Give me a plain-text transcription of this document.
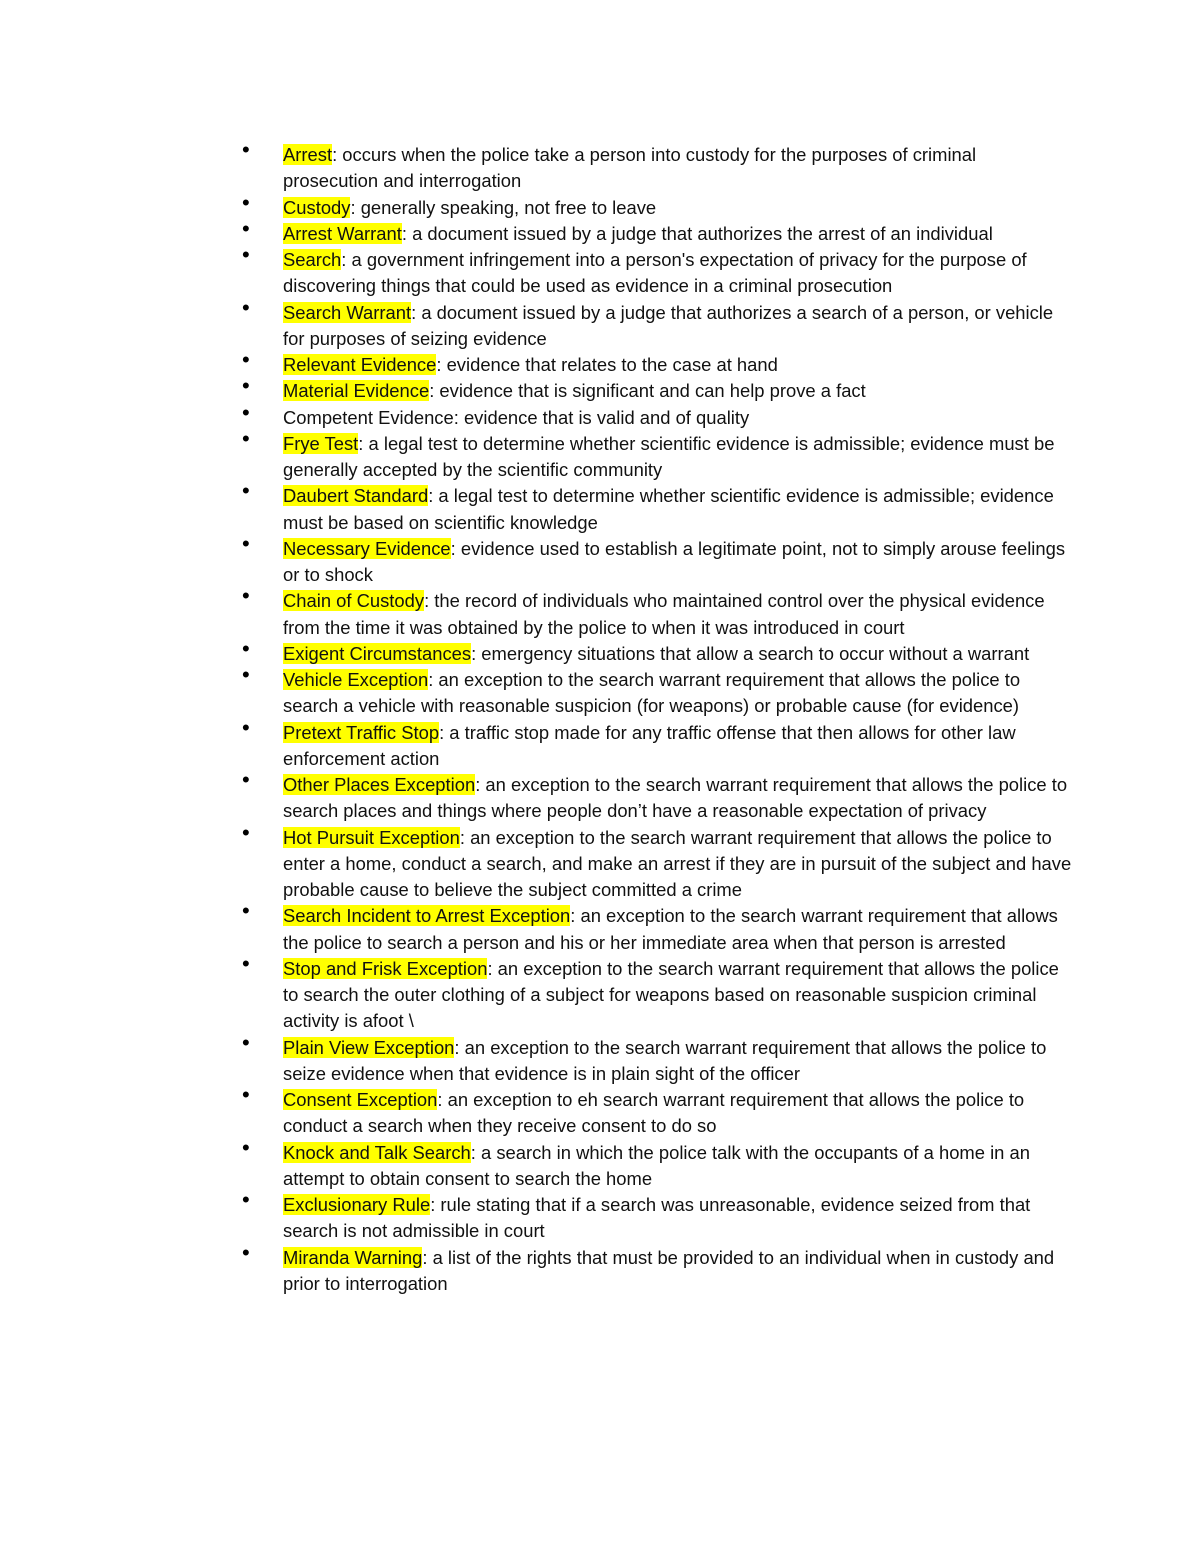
• Arrest: occurs when the police take a person into custody for the purposes of criminal prosecution and interrogation
• Custody: generally speaking, not free to leave
• Arrest Warrant: a document issued by a judge that authorizes the arrest of an individual
• Search: a government infringement into a person's expectation of privacy for the purpose of discovering things that could be used as evidence in a criminal prosecution
• Search Warrant: a document issued by a judge that authorizes a search of a person, or vehicle for purposes of seizing evidence
• Relevant Evidence: evidence that relates to the case at hand
• Material Evidence: evidence that is significant and can help prove a fact
• Competent Evidence: evidence that is valid and of quality
• Frye Test: a legal test to determine whether scientific evidence is admissible; evidence must be generally accepted by the scientific community
• Daubert Standard: a legal test to determine whether scientific evidence is admissible; evidence must be based on scientific knowledge
• Necessary Evidence: evidence used to establish a legitimate point, not to simply arouse feelings or to shock
• Chain of Custody: the record of individuals who maintained control over the physical evidence from the time it was obtained by the police to when it was introduced in court
• Exigent Circumstances: emergency situations that allow a search to occur without a warrant
• Vehicle Exception: an exception to the search warrant requirement that allows the police to search a vehicle with reasonable suspicion (for weapons) or probable cause (for evidence)
• Pretext Traffic Stop: a traffic stop made for any traffic offense that then allows for other law enforcement action
• Other Places Exception: an exception to the search warrant requirement that allows the police to search places and things where people don’t have a reasonable expectation of privacy
• Hot Pursuit Exception: an exception to the search warrant requirement that allows the police to enter a home, conduct a search, and make an arrest if they are in pursuit of the subject and have probable cause to believe the subject committed a crime
• Search Incident to Arrest Exception: an exception to the search warrant requirement that allows the police to search a person and his or her immediate area when that person is arrested
• Stop and Frisk Exception: an exception to the search warrant requirement that allows the police to search the outer clothing of a subject for weapons based on reasonable suspicion criminal activity is afoot \
• Plain View Exception: an exception to the search warrant requirement that allows the police to seize evidence when that evidence is in plain sight of the officer
• Consent Exception: an exception to eh search warrant requirement that allows the police to conduct a search when they receive consent to do so
• Knock and Talk Search: a search in which the police talk with the occupants of a home in an attempt to obtain consent to search the home
• Exclusionary Rule: rule stating that if a search was unreasonable, evidence seized from that search is not admissible in court
• Miranda Warning: a list of the rights that must be provided to an individual when in custody and prior to interrogation
